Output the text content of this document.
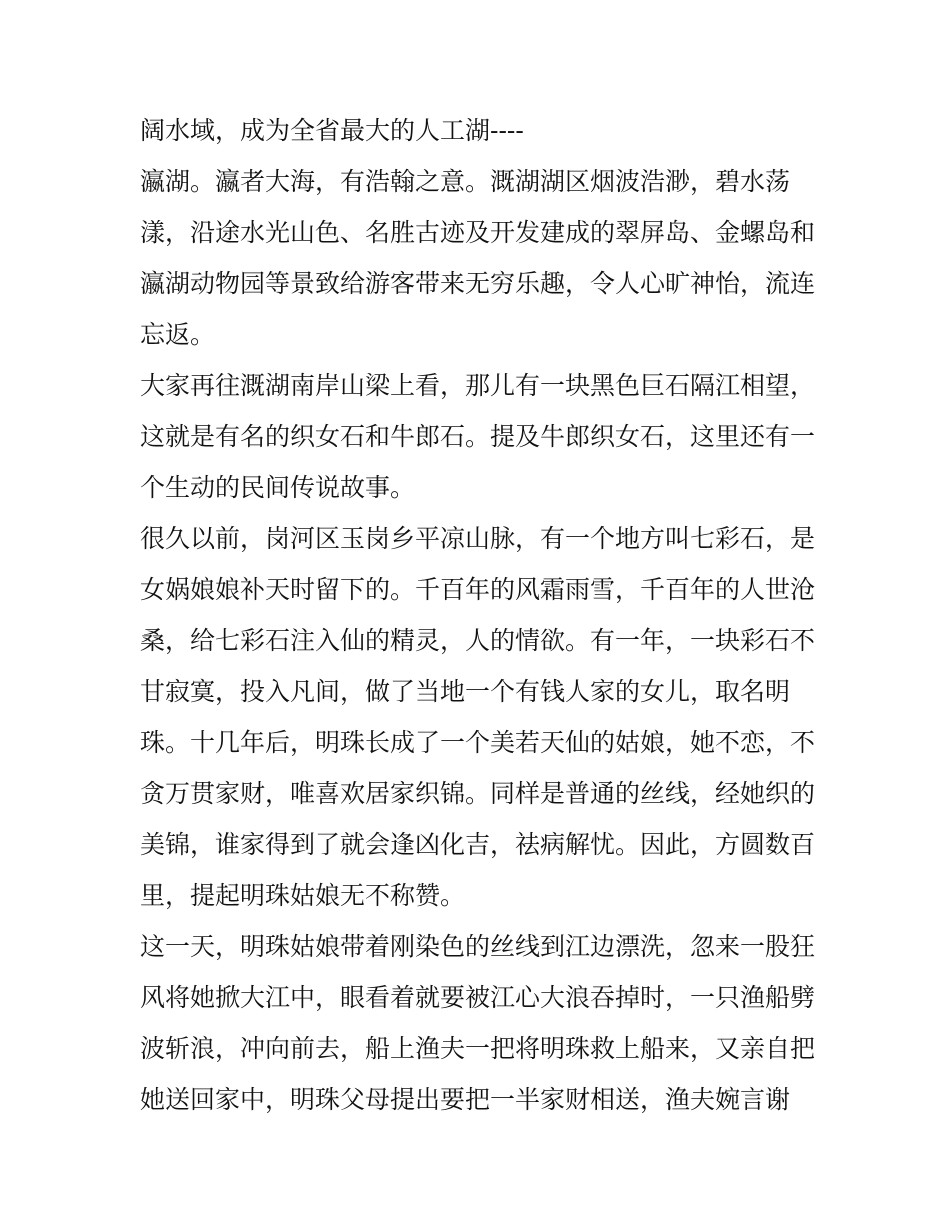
阔水域，成为全省最大的人工湖----
瀛湖。瀛者大海，有浩翰之意。溉湖湖区烟波浩渺，碧水荡
漾，沿途水光山色、名胜古迹及开发建成的翠屏岛、金螺岛和
瀛湖动物园等景致给游客带来无穷乐趣，令人心旷神怡，流连
忘返。
大家再往溉湖南岸山梁上看，那儿有一块黑色巨石隔江相望，
这就是有名的织女石和牛郎石。提及牛郎织女石，这里还有一
个生动的民间传说故事。
很久以前，岗河区玉岗乡平凉山脉，有一个地方叫七彩石，是
女娲娘娘补天时留下的。千百年的风霜雨雪，千百年的人世沧
桑，给七彩石注入仙的精灵，人的情欲。有一年，一块彩石不
甘寂寞，投入凡间，做了当地一个有钱人家的女儿，取名明
珠。十几年后，明珠长成了一个美若天仙的姑娘，她不恋，不
贪万贯家财，唯喜欢居家织锦。同样是普通的丝线，经她织的
美锦，谁家得到了就会逢凶化吉，祛病解忧。因此，方圆数百
里，提起明珠姑娘无不称赞。
这一天，明珠姑娘带着刚染色的丝线到江边漂洗，忽来一股狂
风将她掀大江中，眼看着就要被江心大浪吞掉时，一只渔船劈
波斩浪，冲向前去，船上渔夫一把将明珠救上船来，又亲自把
她送回家中，明珠父母提出要把一半家财相送，渔夫婉言谢
